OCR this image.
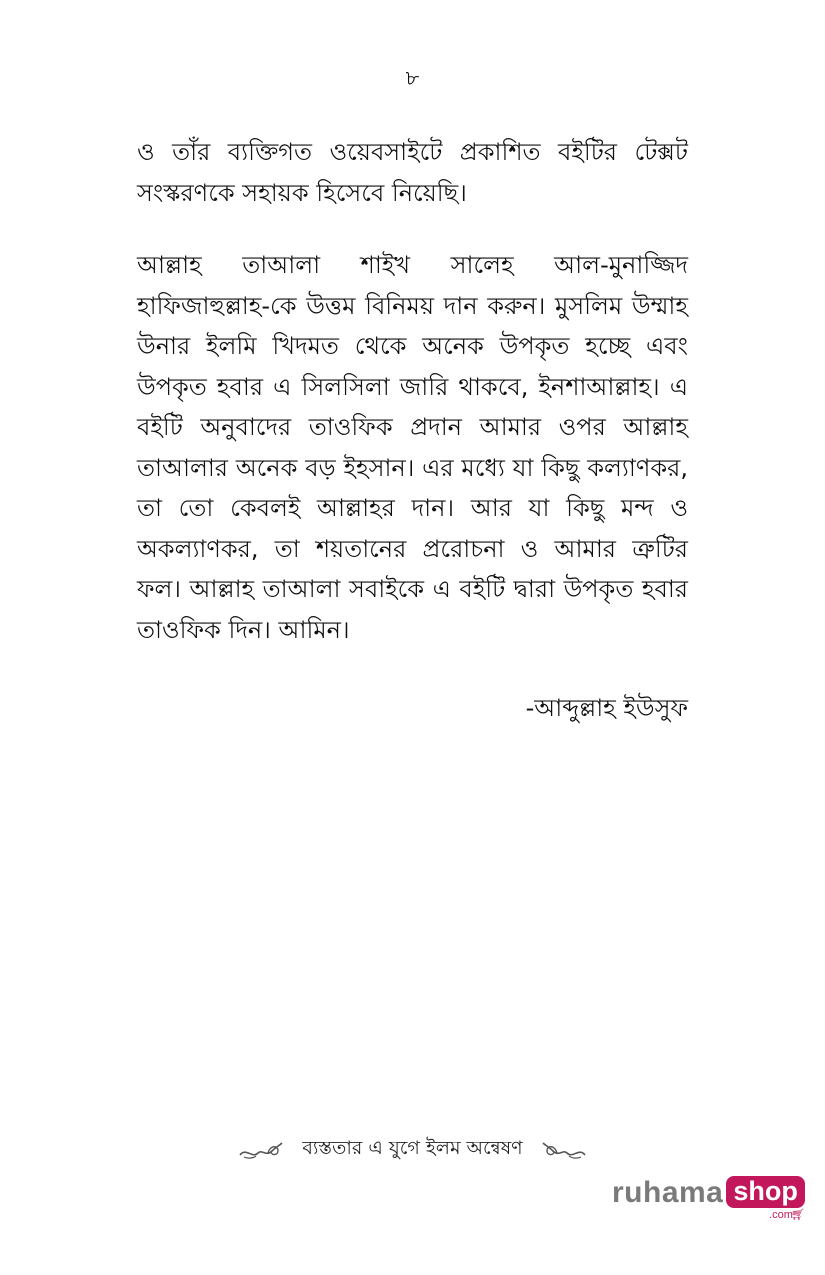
৮

ও তাঁর ব্যক্তিগত ওয়েবসাইটে প্রকাশিত বইটির টেক্সট সংস্করণকে সহায়ক হিসেবে নিয়েছি।

আল্লাহ তাআলা শাইখ সালেহ আল-মুনাজ্জিদ হাফিজাহুল্লাহ-কে উত্তম বিনিময় দান করুন। মুসলিম উম্মাহ উনার ইলমি খিদমত থেকে অনেক উপকৃত হচ্ছে এবং উপকৃত হবার এ সিলসিলা জারি থাকবে, ইনশাআল্লাহ। এ বইটি অনুবাদের তাওফিক প্রদান আমার ওপর আল্লাহ তাআলার অনেক বড় ইহসান। এর মধ্যে যা কিছু কল্যাণকর, তা তো কেবলই আল্লাহর দান। আর যা কিছু মন্দ ও অকল্যাণকর, তা শয়তানের প্ররোচনা ও আমার ত্রুটির ফল। আল্লাহ তাআলা সবাইকে এ বইটি দ্বারা উপকৃত হবার তাওফিক দিন। আমিন।

-আব্দুল্লাহ ইউসুফ

ব্যস্ততার এ যুগে ইলম অন্বেষণ
ruhama shop
.com
🛒︎
